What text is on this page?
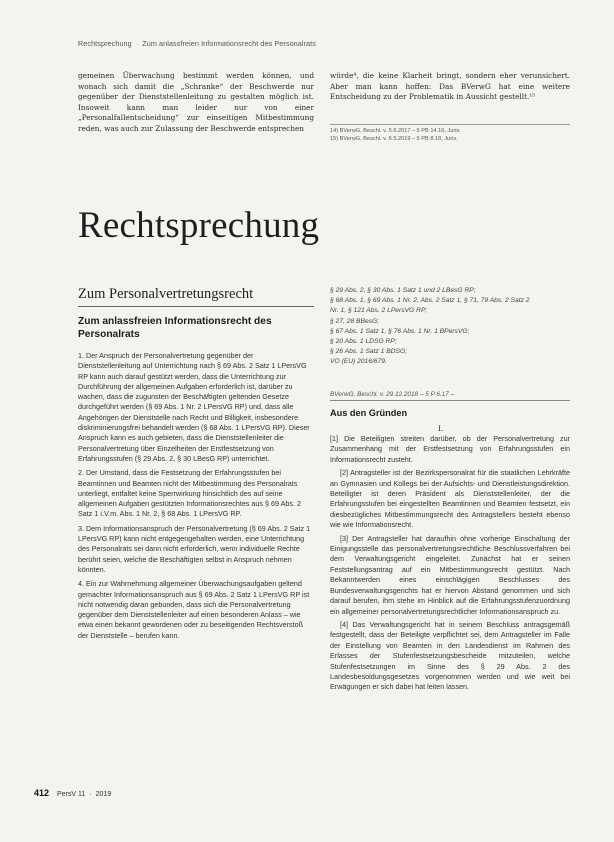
Rechtsprechung · Zum anlassfreien Informationsrecht des Personalrats

gemeinen Überwachung bestimmt werden können, und wonach sich damit die „Schranke“ der Beschwerde nur gegenüber der Dienststellenleitung zu gestalten möglich ist. Insoweit kann man leider nur von einer „Personalfallentscheidung“ zur einseitigen Mitbestimmung reden, was auch zur Zulassung der Beschwerde entsprechen

würde⁴, die keine Klarheit bringt, sondern eher verunsichert. Aber man kann hoffen: Das BVerwG hat eine weitere Entscheidung zu der Problematik in Aussicht gestellt.¹⁵

14) BVerwG, Beschl. v. 5.6.2017 – 5 PB 14.16, Juris.
15) BVerwG, Beschl. v. 6.5.2019 – 5 PB 8.18, Juris.
Rechtsprechung
Zum Personalvertretungsrecht
Zum anlassfreien Informationsrecht des Personalrats

1. Der Anspruch der Personalvertretung gegenüber der Dienststellenleitung auf Unterrichtung nach § 69 Abs. 2 Satz 1 LPersVG RP kann auch darauf gestützt werden, dass die Unterrichtung zur Durchführung der allgemeinen Aufgaben erforderlich ist, darüber zu wachen, dass die zugunsten der Beschäftigten geltenden Gesetze durchgeführt werden (§ 69 Abs. 1 Nr. 2 LPersVG RP) und, dass alle Angehörigen der Dienststelle nach Recht und Billigkeit, insbesondere diskriminierungsfrei behandelt werden (§ 68 Abs. 1 LPersVG RP). Dieser Anspruch kann es auch gebieten, dass die Dienststellenleiter die Personalvertretung über Einzelheiten der Erstfestsetzung von Erfahrungsstufen (§ 29 Abs. 2, § 30 LBesG RP) unterrichtet.

2. Der Umstand, dass die Festsetzung der Erfahrungsstufen bei Beamtinnen und Beamten nicht der Mitbestimmung des Personalrats unterliegt, entfaltet keine Sperrwirkung hinsichtlich des auf seine allgemeinen Aufgaben gestützten Informationsrechtes aus § 69 Abs. 2 Satz 1 i.V.m. Abs. 1 Nr. 2, § 68 Abs. 1 LPersVG RP.

3. Dem Informationsanspruch der Personalvertretung (§ 69 Abs. 2 Satz 1 LPersVG RP) kann nicht entgegengehalten werden, eine Unterrichtung des Personalrats sei dann nicht erforderlich, wenn individuelle Rechte berührt seien, welche die Beschäftigten selbst in Anspruch nehmen könnten.

4. Ein zur Wahrnehmung allgemeiner Überwachungsaufgaben geltend gemachter Informationsanspruch aus § 69 Abs. 2 Satz 1 LPersVG RP ist nicht notwendig daran gebunden, dass sich die Personalvertretung gegenüber dem Dienststellenleiter auf einen besonderen Anlass – wie etwa einen bekannt gewordenen oder zu beseitigenden Rechtsverstoß der Dienststelle – berufen kann.

§ 29 Abs. 2, § 30 Abs. 1 Satz 1 und 2 LBesG RP;
§ 68 Abs. 1, § 69 Abs. 1 Nr. 2, Abs. 2 Satz 1, § 71, 79 Abs. 2 Satz 2
Nr. 1, § 121 Abs. 2 LPersVG RP;
§ 27, 28 BBesG;
§ 67 Abs. 1 Satz 1, § 76 Abs. 1 Nr. 1 BPersVG;
§ 20 Abs. 1 LDSG RP;
§ 26 Abs. 1 Satz 1 BDSG;
VO (EU) 2016/679.
BVerwG, Beschl. v. 29.12.2018 – 5 P 6.17 –
Aus den Gründen
I.

[1] Die Beteiligten streiten darüber, ob der Personalvertretung zur Zusammenhang mit der Erstfestsetzung von Erfahrungsstufen ein Informationsrecht zusteht.

[2] Antragsteller ist der Bezirkspersonalrat für die staatlichen Lehrkräfte an Gymnasien und Kollegs bei der Aufsichts- und Dienstleistungsdirektion. Beteiligter ist deren Präsident als Dienststellenleiter, der die Erfahrungsstufen bei eingestellten Beamtinnen und Beamten festsetzt, ein diesbezügliches Mitbestimmungsrecht des Antragstellers besteht ebenso wie wie Informationsrecht.

[3] Der Antragsteller hat daraufhin ohne vorherige Einschaltung der Einigungsstelle das personalvertretungsrechtliche Beschlussverfahren bei dem Verwaltungsgericht eingeleitet. Zunächst hat er seinen Feststellungsantrag auf ein Mitbestimmungsrecht gestützt. Nach Bekanntwerden eines einschlägigen Beschlusses des Bundesverwaltungsgerichts hat er hiervon Abstand genommen und sich darauf berufen, ihm stehe im Hinblick auf die Erfahrungsstufenzuordnung ein allgemeiner personalvertretungsrechtlicher Informationsanspruch zu.

[4] Das Verwaltungsgericht hat in seinem Beschluss antragsgemäß festgestellt, dass der Beteiligte verpflichtet sei, dem Antragsteller im Falle der Einstellung von Beamten in den Landesdienst im Rahmen des Erlasses der Stufenfestsetzungsbescheide mitzuteilen, welche Stufenfestsetzungen im Sinne des § 29 Abs. 2 des Landesbesoldungsgesetzes vorgenommen werden und wie weit bei Erwägungen er sich dabei hat leiten lassen.

412 PersV 11 · 2019
